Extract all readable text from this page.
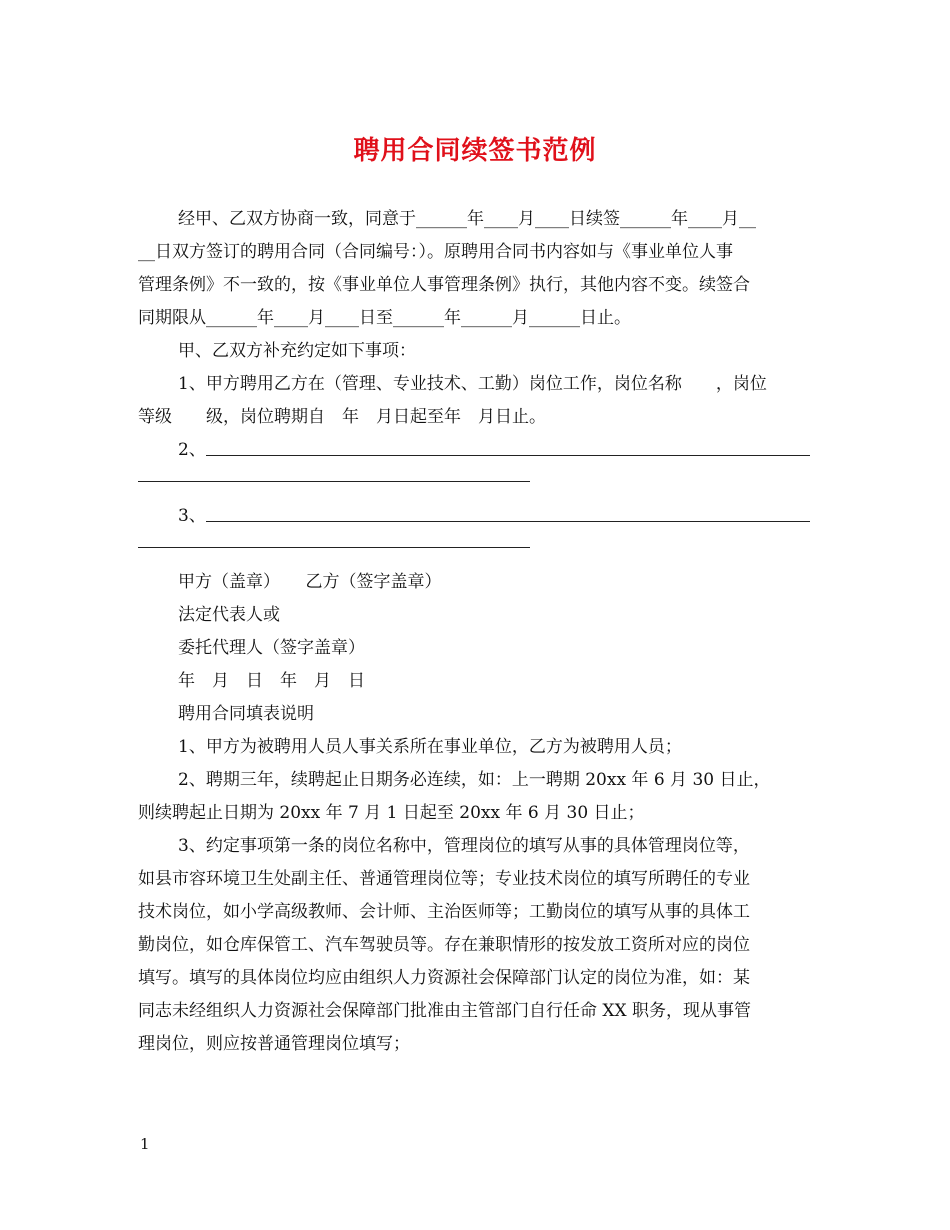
聘用合同续签书范例
经甲、乙双方协商一致，同意于______年____月____日续签______年____月__
__日双方签订的聘用合同（合同编号：）。原聘用合同书内容如与《事业单位人事
管理条例》不一致的，按《事业单位人事管理条例》执行，其他内容不变。续签合
同期限从______年____月____日至______年______月______日止。
甲、乙双方补充约定如下事项：
1、甲方聘用乙方在（管理、专业技术、工勤）岗位工作，岗位名称　　，岗位
等级　　级，岗位聘期自　年　月日起至年　月日止。
2、
3、
甲方（盖章）　　乙方（签字盖章）
法定代表人或
委托代理人（签字盖章）
年　月　日　年　月　日
聘用合同填表说明
1、甲方为被聘用人员人事关系所在事业单位，乙方为被聘用人员；
2、聘期三年，续聘起止日期务必连续，如：上一聘期 20xx 年 6 月 30 日止，
则续聘起止日期为 20xx 年 7 月 1 日起至 20xx 年 6 月 30 日止；
3、约定事项第一条的岗位名称中，管理岗位的填写从事的具体管理岗位等，
如县市容环境卫生处副主任、普通管理岗位等；专业技术岗位的填写所聘任的专业
技术岗位，如小学高级教师、会计师、主治医师等；工勤岗位的填写从事的具体工
勤岗位，如仓库保管工、汽车驾驶员等。存在兼职情形的按发放工资所对应的岗位
填写。填写的具体岗位均应由组织人力资源社会保障部门认定的岗位为准，如：某
同志未经组织人力资源社会保障部门批准由主管部门自行任命 XX 职务，现从事管
理岗位，则应按普通管理岗位填写；
1
